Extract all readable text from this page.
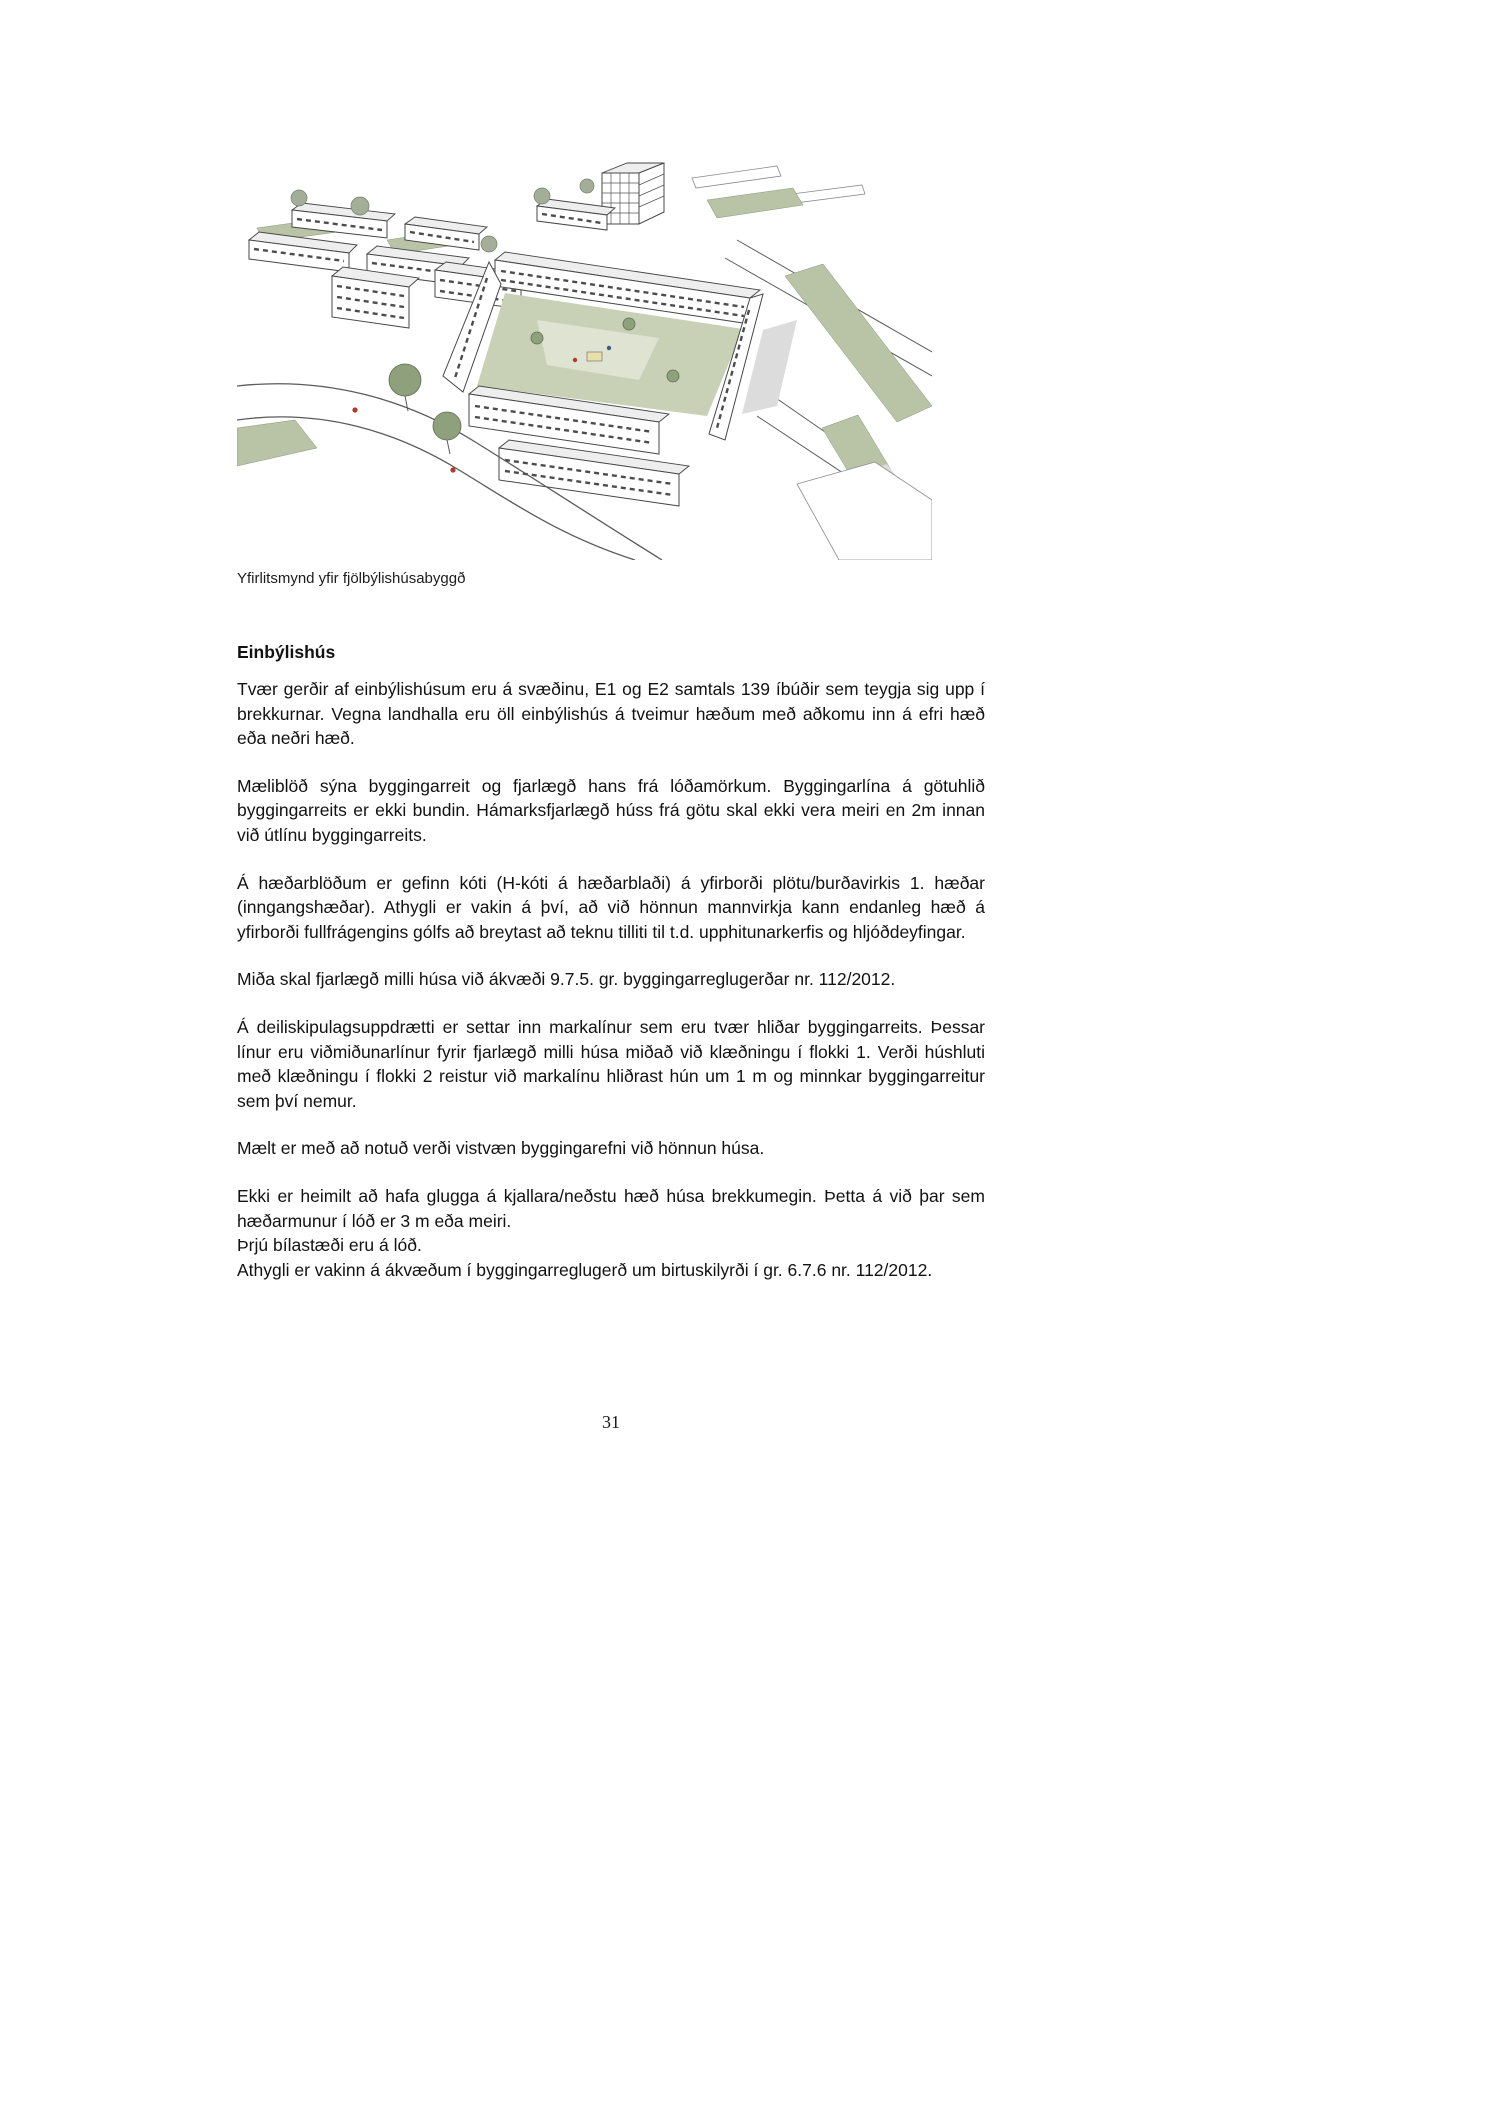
Yfirlitsmynd yfir fjölbýlishúsabyggð
Einbýlishús

Tvær gerðir af einbýlishúsum eru á svæðinu, E1 og E2 samtals 139 íbúðir sem teygja sig upp í brekkurnar. Vegna landhalla eru öll einbýlishús á tveimur hæðum með aðkomu inn á efri hæð eða neðri hæð.

Mæliblöð sýna byggingarreit og fjarlægð hans frá lóðamörkum. Byggingarlína á götuhlið byggingarreits er ekki bundin. Hámarksfjarlægð húss frá götu skal ekki vera meiri en 2m innan við útlínu byggingarreits.

Á hæðarblöðum er gefinn kóti (H-kóti á hæðarblaði) á yfirborði plötu/burðavirkis 1. hæðar (inngangshæðar). Athygli er vakin á því, að við hönnun mannvirkja kann endanleg hæð á yfirborði fullfrágengins gólfs að breytast að teknu tilliti til t.d. upphitunarkerfis og hljóðdeyfingar.

Miða skal fjarlægð milli húsa við ákvæði 9.7.5. gr. byggingarreglugerðar nr. 112/2012.

Á deiliskipulagsuppdrætti er settar inn markalínur sem eru tvær hliðar byggingarreits. Þessar línur eru viðmiðunarlínur fyrir fjarlægð milli húsa miðað við klæðningu í flokki 1. Verði húshluti með klæðningu í flokki 2 reistur við markalínu hliðrast hún um 1 m og minnkar byggingarreitur sem því nemur.

Mælt er með að notuð verði vistvæn byggingarefni við hönnun húsa.

Ekki er heimilt að hafa glugga á kjallara/neðstu hæð húsa brekkumegin. Þetta á við þar sem hæðarmunur í lóð er 3 m eða meiri.

Þrjú bílastæði eru á lóð.

Athygli er vakinn á ákvæðum í byggingarreglugerð um birtuskilyrði í gr. 6.7.6 nr. 112/2012.

31
